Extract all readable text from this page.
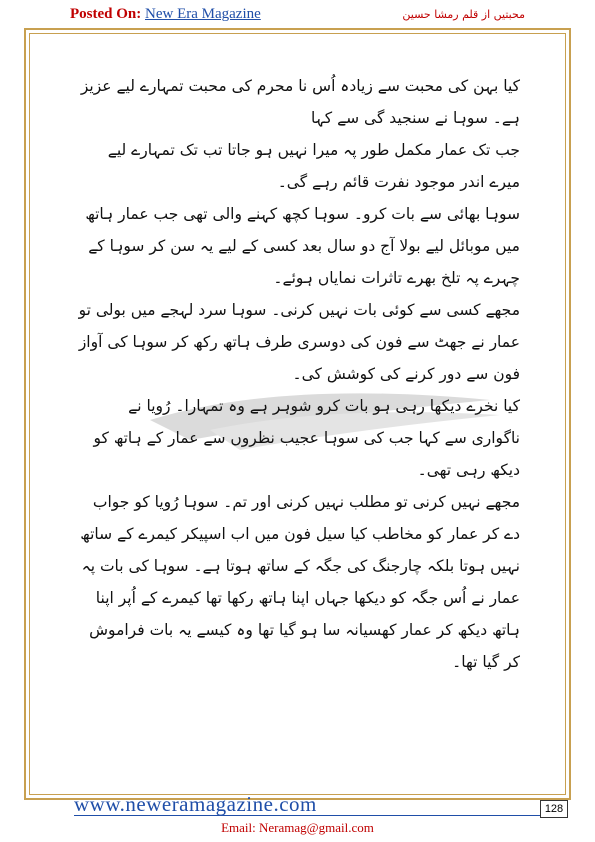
Posted On: New Era Magazine	محبتیں از قلم رمشا حسین

کیا بہن کی محبت سے زیادہ اُس نا محرم کی محبت تمہارے لیے عزیز ہے۔ سوہا نے سنجید گی سے کہا

جب تک عمار مکمل طور پہ میرا نہیں ہو جاتا تب تک تمہارے لیے میرے اندر موجود نفرت قائم رہے گی۔

سوہا بھائی سے بات کرو۔ سوہا کچھ کہنے والی تھی جب عمار ہاتھ میں موبائل لیے بولا آج دو سال بعد کسی کے لیے یہ سن کر سوہا کے چہرے پہ تلخ بھرے تاثرات نمایاں ہوئے۔

مجھے کسی سے کوئی بات نہیں کرنی۔ سوہا سرد لہجے میں بولی تو عمار نے جھٹ سے فون کی دوسری طرف ہاتھ رکھ کر سوہا کی آواز فون سے دور کرنے کی کوشش کی۔

کیا نخرے دیکھا رہی ہو بات کرو شوہر ہے وہ تمہارا۔ رُویا نے ناگواری سے کہا جب کی سوہا عجیب نظروں سے عمار کے ہاتھ کو دیکھ رہی تھی۔

مجھے نہیں کرنی تو مطلب نہیں کرنی اور تم۔ سوہا رُویا کو جواب دے کر عمار کو مخاطب کیا سیل فون میں اب اسپیکر کیمرے کے ساتھ نہیں ہوتا بلکہ چارجنگ کی جگہ کے ساتھ ہوتا ہے۔ سوہا کی بات پہ عمار نے اُس جگہ کو دیکھا جہاں اپنا ہاتھ رکھا تھا کیمرے کے اُپر اپنا ہاتھ دیکھ کر عمار کھسیانہ سا ہو گیا تھا وہ کیسے یہ بات فراموش کر گیا تھا۔

www.neweramagazine.com	128
Email: Neramag@gmail.com
